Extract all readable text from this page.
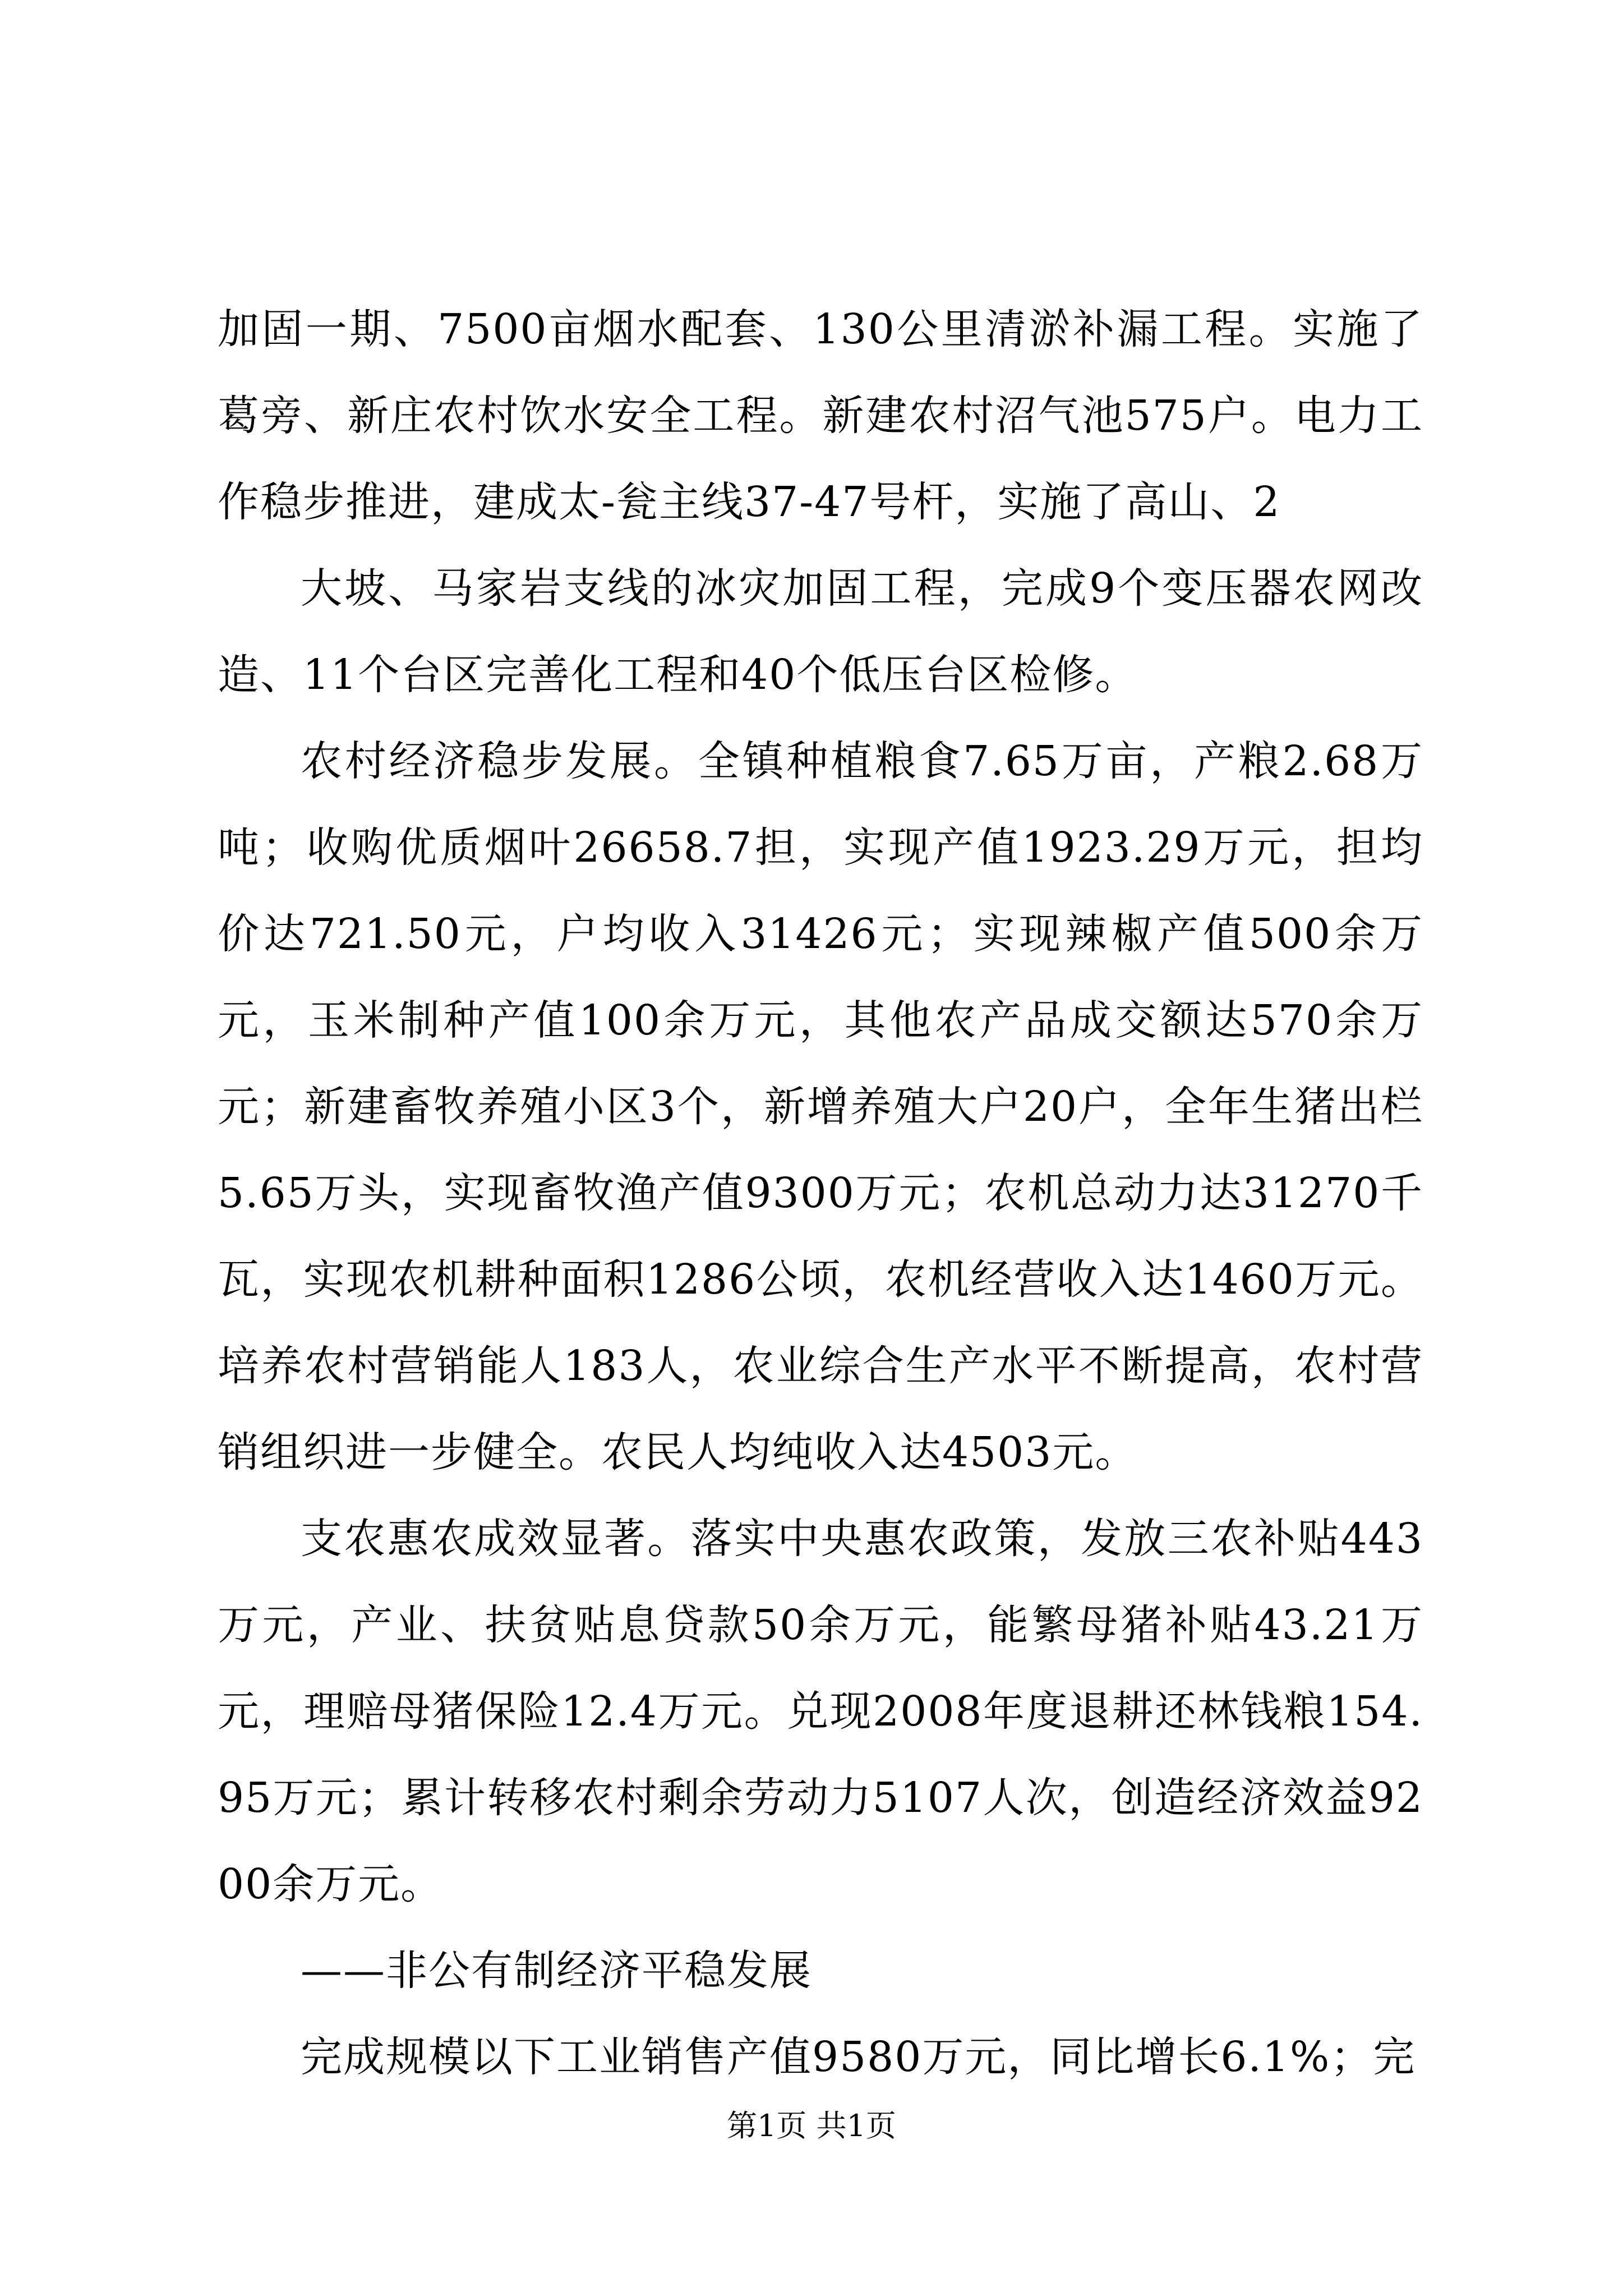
加固一期、7500亩烟水配套、130公里清淤补漏工程。实施了葛旁、新庄农村饮水安全工程。新建农村沼气池575户。电力工作稳步推进，建成太-瓮主线37-47号杆，实施了高山、2

大坡、马家岩支线的冰灾加固工程，完成9个变压器农网改造、11个台区完善化工程和40个低压台区检修。

农村经济稳步发展。全镇种植粮食7.65万亩，产粮2.68万吨；收购优质烟叶26658.7担，实现产值1923.29万元，担均价达721.50元，户均收入31426元；实现辣椒产值500余万元，玉米制种产值100余万元，其他农产品成交额达570余万元；新建畜牧养殖小区3个，新增养殖大户20户，全年生猪出栏5.65万头，实现畜牧渔产值9300万元；农机总动力达31270千瓦，实现农机耕种面积1286公顷，农机经营收入达1460万元。培养农村营销能人183人，农业综合生产水平不断提高，农村营销组织进一步健全。农民人均纯收入达4503元。

支农惠农成效显著。落实中央惠农政策，发放三农补贴443万元，产业、扶贫贴息贷款50余万元，能繁母猪补贴43.21万元，理赔母猪保险12.4万元。兑现2008年度退耕还林钱粮154.95万元；累计转移农村剩余劳动力5107人次，创造经济效益9200余万元。

——非公有制经济平稳发展

完成规模以下工业销售产值9580万元，同比增长6.1%；完

第1页 共1页
